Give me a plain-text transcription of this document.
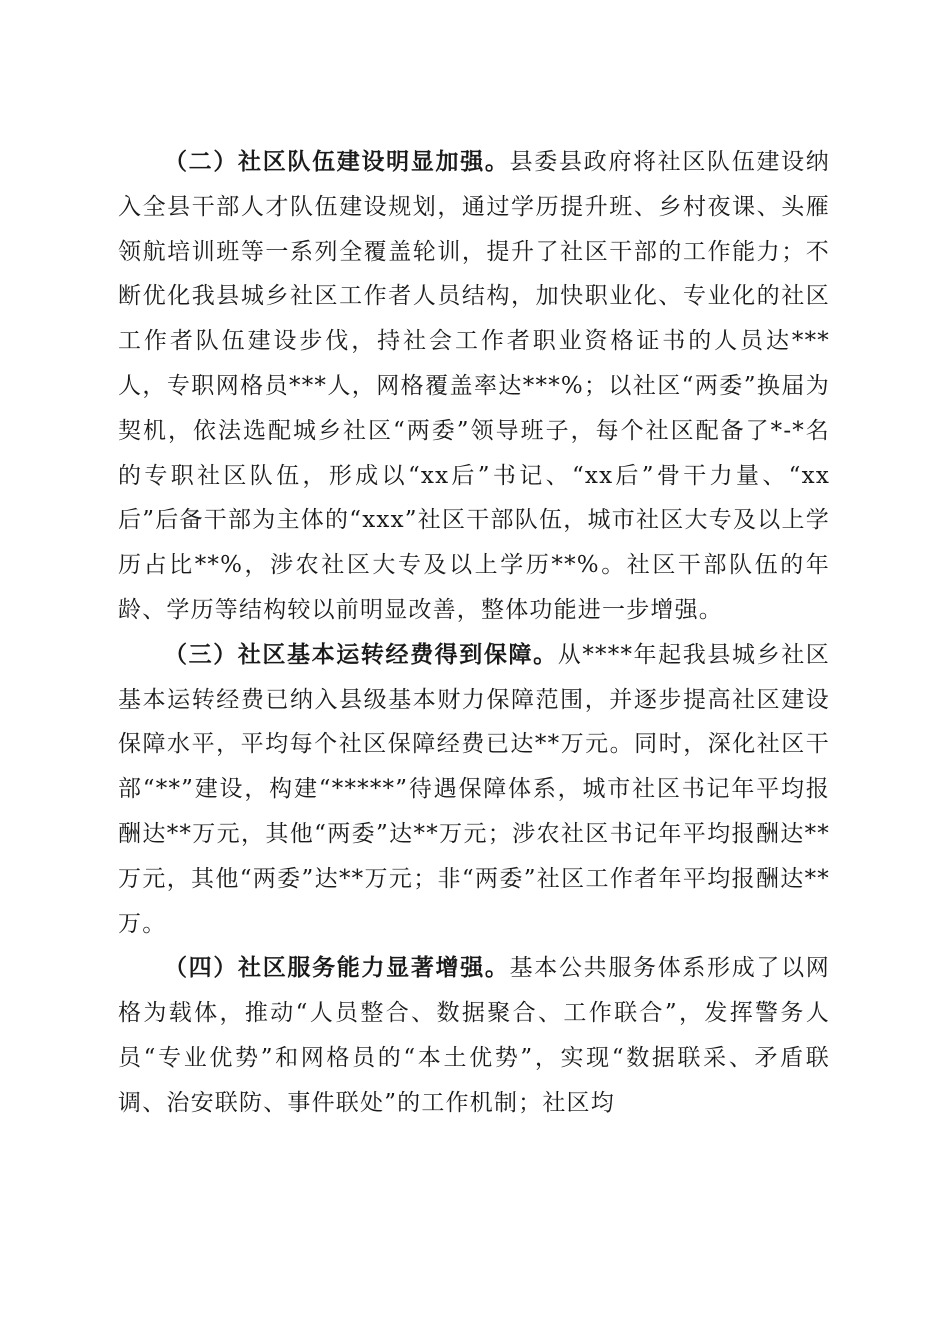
（二）社区队伍建设明显加强。县委县政府将社区队伍建设纳入全县干部人才队伍建设规划，通过学历提升班、乡村夜课、头雁领航培训班等一系列全覆盖轮训，提升了社区干部的工作能力；不断优化我县城乡社区工作者人员结构，加快职业化、专业化的社区工作者队伍建设步伐，持社会工作者职业资格证书的人员达***人，专职网格员***人，网格覆盖率达***%；以社区“两委”换届为契机，依法选配城乡社区“两委”领导班子，每个社区配备了*-*名的专职社区队伍，形成以“xx后”书记、“xx后”骨干力量、“xx后”后备干部为主体的“xxx”社区干部队伍，城市社区大专及以上学历占比**%，涉农社区大专及以上学历**%。社区干部队伍的年龄、学历等结构较以前明显改善，整体功能进一步增强。

（三）社区基本运转经费得到保障。从****年起我县城乡社区基本运转经费已纳入县级基本财力保障范围，并逐步提高社区建设保障水平，平均每个社区保障经费已达**万元。同时，深化社区干部“**”建设，构建“*****”待遇保障体系，城市社区书记年平均报酬达**万元，其他“两委”达**万元；涉农社区书记年平均报酬达**万元，其他“两委”达**万元；非“两委”社区工作者年平均报酬达**万。

（四）社区服务能力显著增强。基本公共服务体系形成了以网格为载体，推动“人员整合、数据聚合、工作联合”，发挥警务人员“专业优势”和网格员的“本土优势”，实现“数据联采、矛盾联调、治安联防、事件联处”的工作机制；社区均
